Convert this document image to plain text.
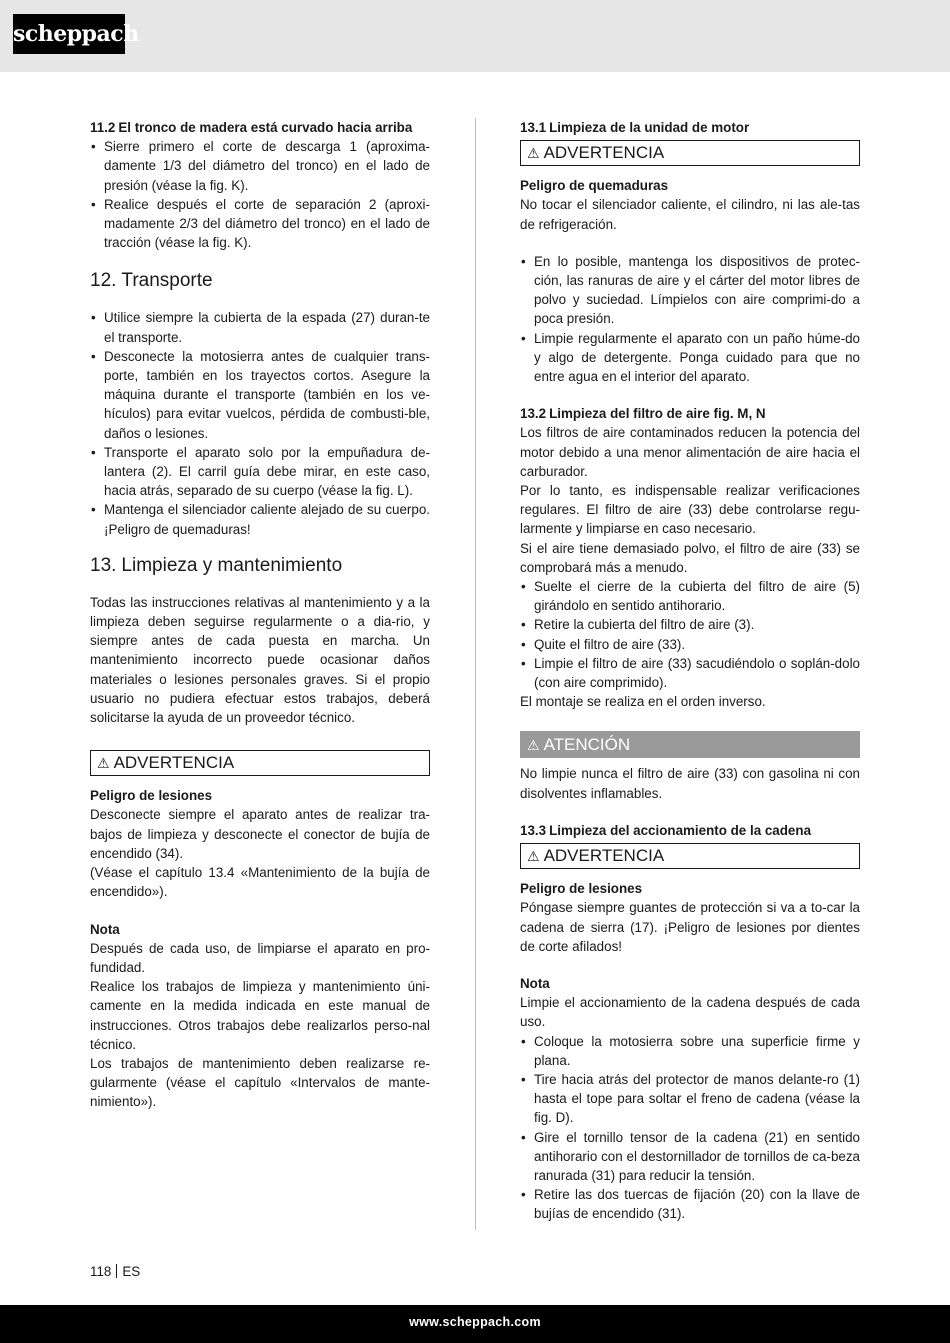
scheppach
11.2 El tronco de madera está curvado hacia arriba
• Sierre primero el corte de descarga 1 (aproxima-damente 1/3 del diámetro del tronco) en el lado de presión (véase la fig. K).
• Realice después el corte de separación 2 (aproxi-madamente 2/3 del diámetro del tronco) en el lado de tracción (véase la fig. K).
12. Transporte
• Utilice siempre la cubierta de la espada (27) duran-te el transporte.
• Desconecte la motosierra antes de cualquier trans-porte, también en los trayectos cortos. Asegure la máquina durante el transporte (también en los ve-hículos) para evitar vuelcos, pérdida de combusti-ble, daños o lesiones.
• Transporte el aparato solo por la empuñadura de-lantera (2). El carril guía debe mirar, en este caso, hacia atrás, separado de su cuerpo (véase la fig. L).
• Mantenga el silenciador caliente alejado de su cuerpo. ¡Peligro de quemaduras!
13. Limpieza y mantenimiento

Todas las instrucciones relativas al mantenimiento y a la limpieza deben seguirse regularmente o a dia-rio, y siempre antes de cada puesta en marcha. Un mantenimiento incorrecto puede ocasionar daños materiales o lesiones personales graves. Si el propio usuario no pudiera efectuar estos trabajos, deberá solicitarse la ayuda de un proveedor técnico.

⚠ ADVERTENCIA
Peligro de lesiones

Desconecte siempre el aparato antes de realizar tra-bajos de limpieza y desconecte el conector de bujía de encendido (34).

(Véase el capítulo 13.4 «Mantenimiento de la bujía de encendido»).

Nota

Después de cada uso, de limpiarse el aparato en pro-fundidad.

Realice los trabajos de limpieza y mantenimiento úni-camente en la medida indicada en este manual de instrucciones. Otros trabajos debe realizarlos perso-nal técnico.

Los trabajos de mantenimiento deben realizarse re-gularmente (véase el capítulo «Intervalos de mante-nimiento»).

13.1 Limpieza de la unidad de motor
⚠ ADVERTENCIA
Peligro de quemaduras

No tocar el silenciador caliente, el cilindro, ni las ale-tas de refrigeración.

• En lo posible, mantenga los dispositivos de protec-ción, las ranuras de aire y el cárter del motor libres de polvo y suciedad. Límpielos con aire comprimi-do a poca presión.
• Limpie regularmente el aparato con un paño húme-do y algo de detergente. Ponga cuidado para que no entre agua en el interior del aparato.
13.2 Limpieza del filtro de aire fig. M, N

Los filtros de aire contaminados reducen la potencia del motor debido a una menor alimentación de aire hacia el carburador.

Por lo tanto, es indispensable realizar verificaciones regulares. El filtro de aire (33) debe controlarse regu-larmente y limpiarse en caso necesario.

Si el aire tiene demasiado polvo, el filtro de aire (33) se comprobará más a menudo.

• Suelte el cierre de la cubierta del filtro de aire (5) girándolo en sentido antihorario.
• Retire la cubierta del filtro de aire (3).
• Quite el filtro de aire (33).
• Limpie el filtro de aire (33) sacudiéndolo o soplán-dolo (con aire comprimido).

El montaje se realiza en el orden inverso.

⚠ ATENCIÓN

No limpie nunca el filtro de aire (33) con gasolina ni con disolventes inflamables.

13.3 Limpieza del accionamiento de la cadena
⚠ ADVERTENCIA
Peligro de lesiones

Póngase siempre guantes de protección si va a to-car la cadena de sierra (17). ¡Peligro de lesiones por dientes de corte afilados!

Nota

Limpie el accionamiento de la cadena después de cada uso.

• Coloque la motosierra sobre una superficie firme y plana.
• Tire hacia atrás del protector de manos delante-ro (1) hasta el tope para soltar el freno de cadena (véase la fig. D).
• Gire el tornillo tensor de la cadena (21) en sentido antihorario con el destornillador de tornillos de ca-beza ranurada (31) para reducir la tensión.
• Retire las dos tuercas de fijación (20) con la llave de bujías de encendido (31).
118 ES
www.scheppach.com
